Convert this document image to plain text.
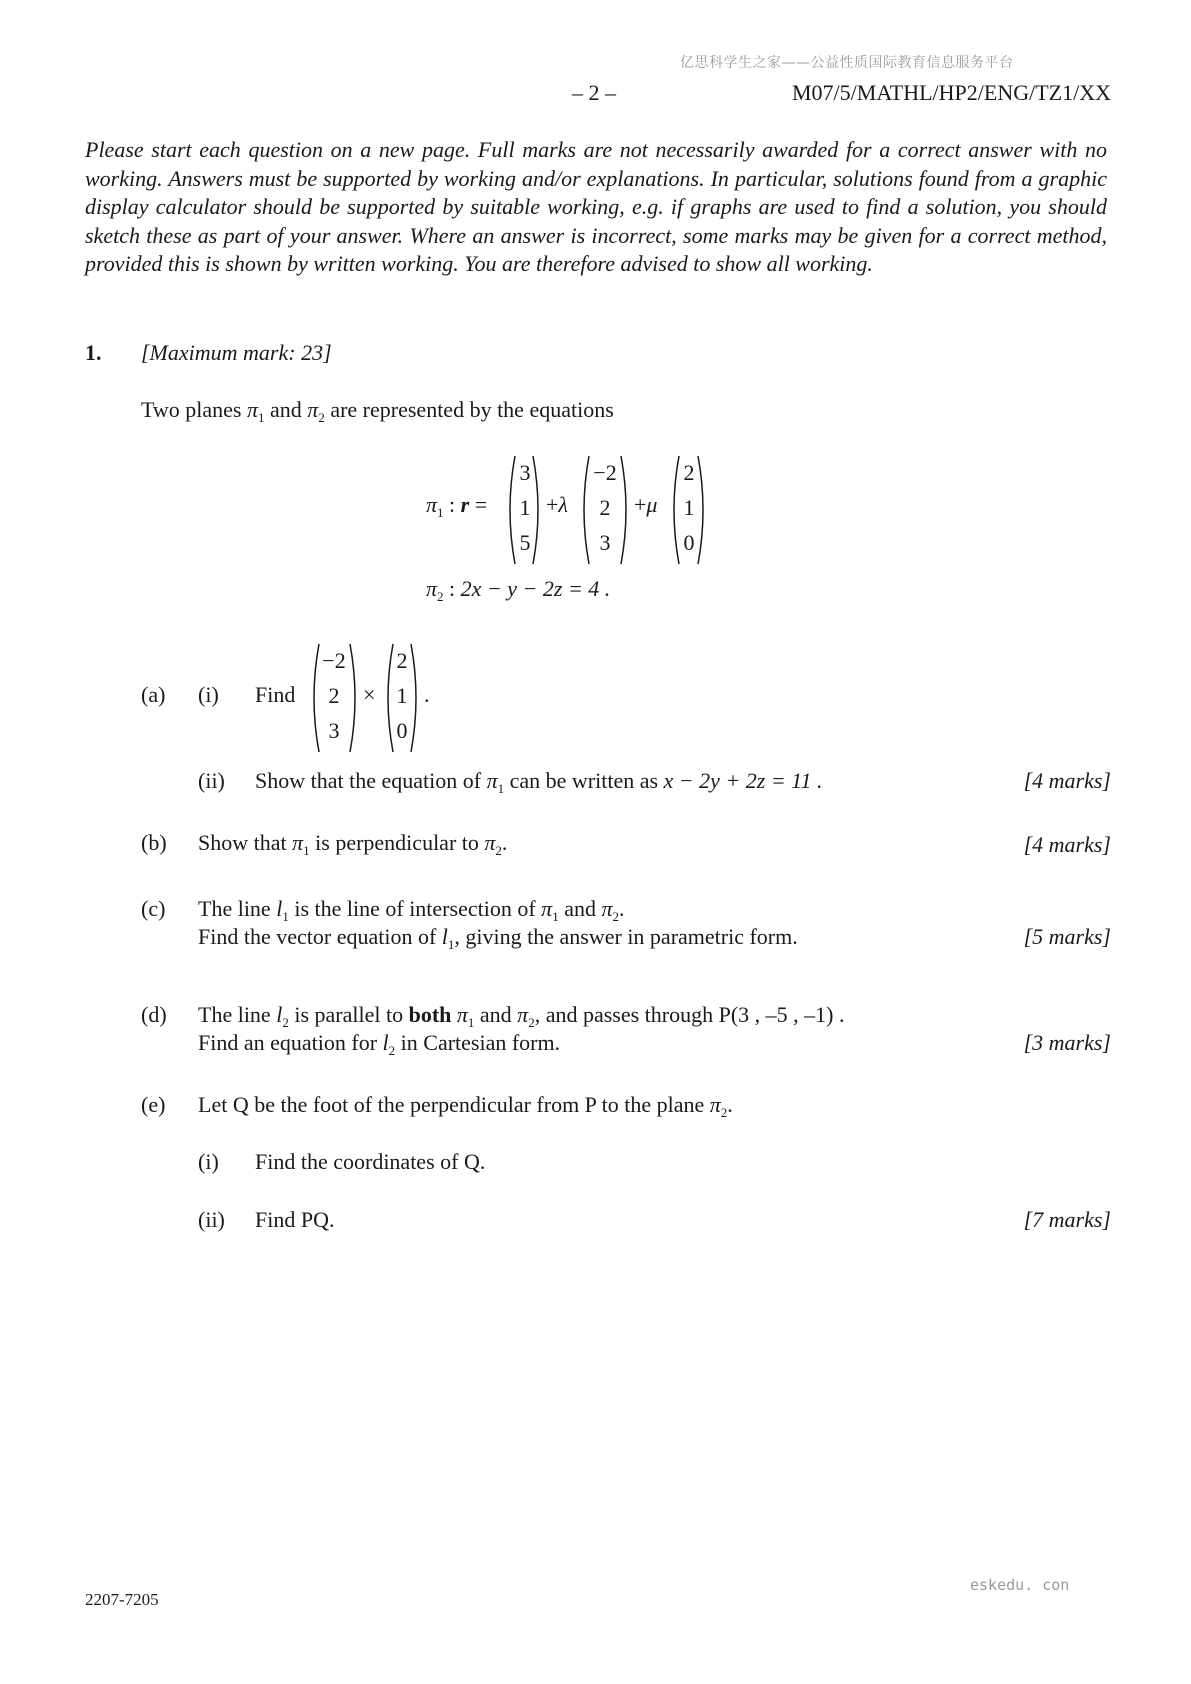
亿思科学生之家——公益性质国际教育信息服务平台
– 2 –	M07/5/MATHL/HP2/ENG/TZ1/XX
Please start each question on a new page. Full marks are not necessarily awarded for a correct answer with no working. Answers must be supported by working and/or explanations. In particular, solutions found from a graphic display calculator should be supported by suitable working, e.g. if graphs are used to find a solution, you should sketch these as part of your answer. Where an answer is incorrect, some marks may be given for a correct method, provided this is shown by written working. You are therefore advised to show all working.
1. [Maximum mark: 23]
Two planes $\pi_1$ and $\pi_2$ are represented by the equations
$\pi_1$ : r =
3
1
5
+λ
−2
2
3
+μ
2
1
0
$\pi_2$ : 2x − y − 2z = 4 .
(a) (i) Find
−2
2
3
×
2
1
0
.
(ii) Show that the equation of $\pi_1$ can be written as x − 2y + 2z = 11 .	[4 marks]
(b) Show that $\pi_1$ is perpendicular to $\pi_2$.	[4 marks]
(c) The line $l_1$ is the line of intersection of $\pi_1$ and $\pi_2$.
Find the vector equation of $l_1$, giving the answer in parametric form.	[5 marks]
(d) The line $l_2$ is parallel to both $\pi_1$ and $\pi_2$, and passes through P(3 , –5 , –1) .
Find an equation for $l_2$ in Cartesian form.	[3 marks]
(e) Let Q be the foot of the perpendicular from P to the plane $\pi_2$.
(i) Find the coordinates of Q.
(ii) Find PQ.	[7 marks]
2207-7205
eskedu. con
